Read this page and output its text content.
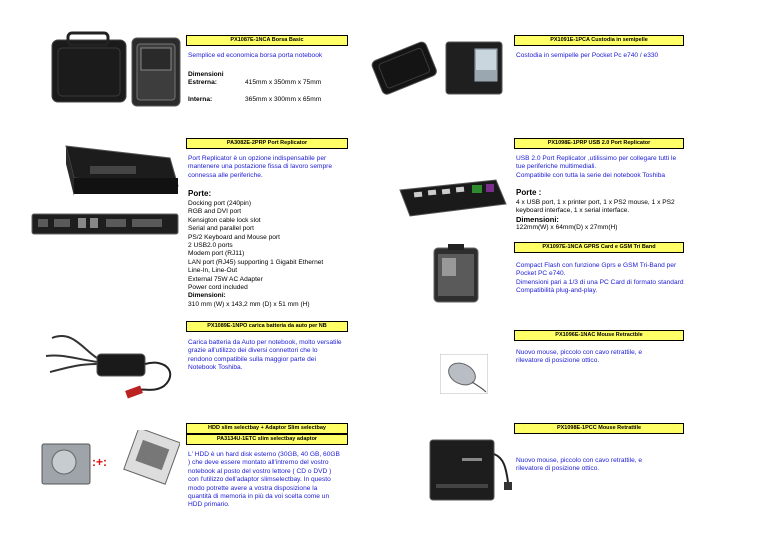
PX1087E-1NCA Borsa Basic
Semplice ed economica borsa porta notebook
Dimensioni
Estrerna:	415mm x 350mm x 75mm
Interna:	365mm x 300mm x 65mm
PX1091E-1PCA Custodia in semipelle
Costodia in semipelle per Pocket Pc e740 / e330
PA3082E-2PRP Port Replicator
Port Replicator è un opzione indispensabile per
mantenere una postazione fissa di lavoro sempre
connessa alle periferiche.
Porte:
Docking port (240pin)
RGB and DVI port
Kensigton cable lock slot
Serial and parallel port
PS/2 Keyboard and Mouse port
2 USB2.0 ports
Modem port (RJ11)
LAN port (RJ45) supporting 1 Gigabit Ethernet
Line-In, Line-Out
External 75W AC Adapter
Power cord included
Dimensioni:
310 mm (W) x 143,2 mm (D) x 51 mm (H)
PX1098E-1PRP USB 2.0 Port Replicator
USB 2.0 Port Replicator ,utilissimo per collegare tutti le
tue periferiche multimediali.
Compatibile con tutta la serie dei notebook Toshiba
Porte :
4 x USB port, 1 x printer port, 1 x PS2 mouse, 1 x PS2
keyboard interface, 1 x serial interface.
Dimensioni:
122mm(W) x 64mm(D) x 27mm(H)
PX1097E-1NCA GPRS Card e GSM Tri Band
Compact Flash con funzione Gprs e GSM Tri-Band per
Pocket PC e740.
Dimensioni pari a 1/3 di una PC Card di formato standard
Compatibilità plug-and-play.
PX1089E-1NPO carica batteria da auto per NB
Carica batteria da Auto per notebook, molto versatile
grazie all'utilizzo dei diversi connettori che lo
rendono compatibile sulla maggior parte dei
Notebook Toshiba.
PX1096E-1NAC Mouse Retractble
Nuovo mouse, piccolo con cavo retrattile, e
rilevatore di posizione ottico.
:+:
HDD slim selectbay + Adaptor Slim selectbay
PA3134U-1ETC slim selectbay adaptor
L' HDD è un hard disk esterno (30GB, 40 GB, 60GB
) che deve essere montato all'intrerno del vostro
notebook al posto del vostro lettore ( CD o DVD )
con l'utilizzo dell'adaptor slimselectbay. In questo
modo potrette avere a vostra disposizione la
quantità di memoria in più da voi scelta come un
HDD primario.
PX1098E-1PCC Mouse Retrattile
Nuovo mouse, piccolo con cavo retrattile, e
rilevatore di posizione ottico.
